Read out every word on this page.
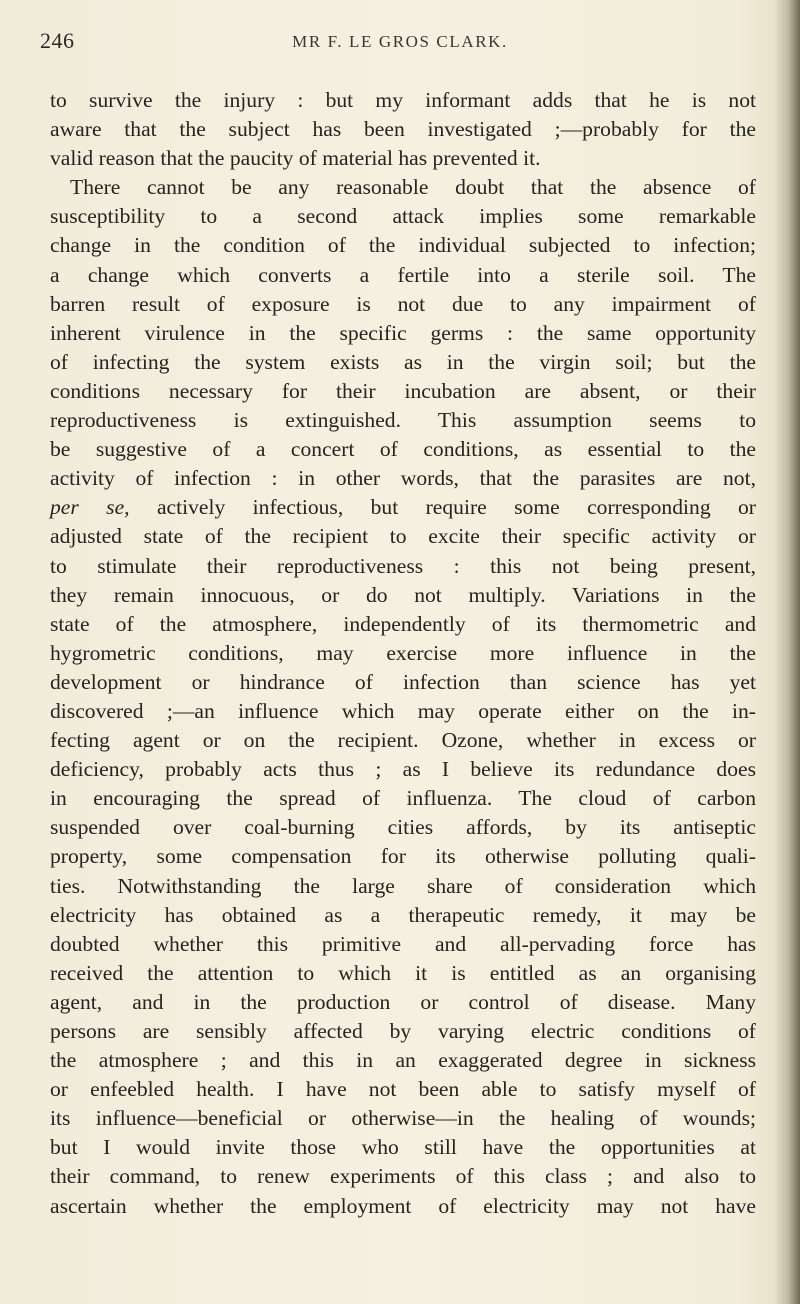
246	MR F. LE GROS CLARK.
to survive the injury : but my informant adds that he is not
aware that the subject has been investigated ;—probably for the
valid reason that the paucity of material has prevented it.
There cannot be any reasonable doubt that the absence of
susceptibility to a second attack implies some remarkable
change in the condition of the individual subjected to infection;
a change which converts a fertile into a sterile soil. The
barren result of exposure is not due to any impairment of
inherent virulence in the specific germs : the same opportunity
of infecting the system exists as in the virgin soil; but the
conditions necessary for their incubation are absent, or their
reproductiveness is extinguished. This assumption seems to
be suggestive of a concert of conditions, as essential to the
activity of infection : in other words, that the parasites are not,
per se, actively infectious, but require some corresponding or
adjusted state of the recipient to excite their specific activity or
to stimulate their reproductiveness : this not being present,
they remain innocuous, or do not multiply. Variations in the
state of the atmosphere, independently of its thermometric and
hygrometric conditions, may exercise more influence in the
development or hindrance of infection than science has yet
discovered ;—an influence which may operate either on the in-
fecting agent or on the recipient. Ozone, whether in excess or
deficiency, probably acts thus ; as I believe its redundance does
in encouraging the spread of influenza. The cloud of carbon
suspended over coal-burning cities affords, by its antiseptic
property, some compensation for its otherwise polluting quali-
ties. Notwithstanding the large share of consideration which
electricity has obtained as a therapeutic remedy, it may be
doubted whether this primitive and all-pervading force has
received the attention to which it is entitled as an organising
agent, and in the production or control of disease. Many
persons are sensibly affected by varying electric conditions of
the atmosphere ; and this in an exaggerated degree in sickness
or enfeebled health. I have not been able to satisfy myself of
its influence—beneficial or otherwise—in the healing of wounds;
but I would invite those who still have the opportunities at
their command, to renew experiments of this class ; and also to
ascertain whether the employment of electricity may not have
